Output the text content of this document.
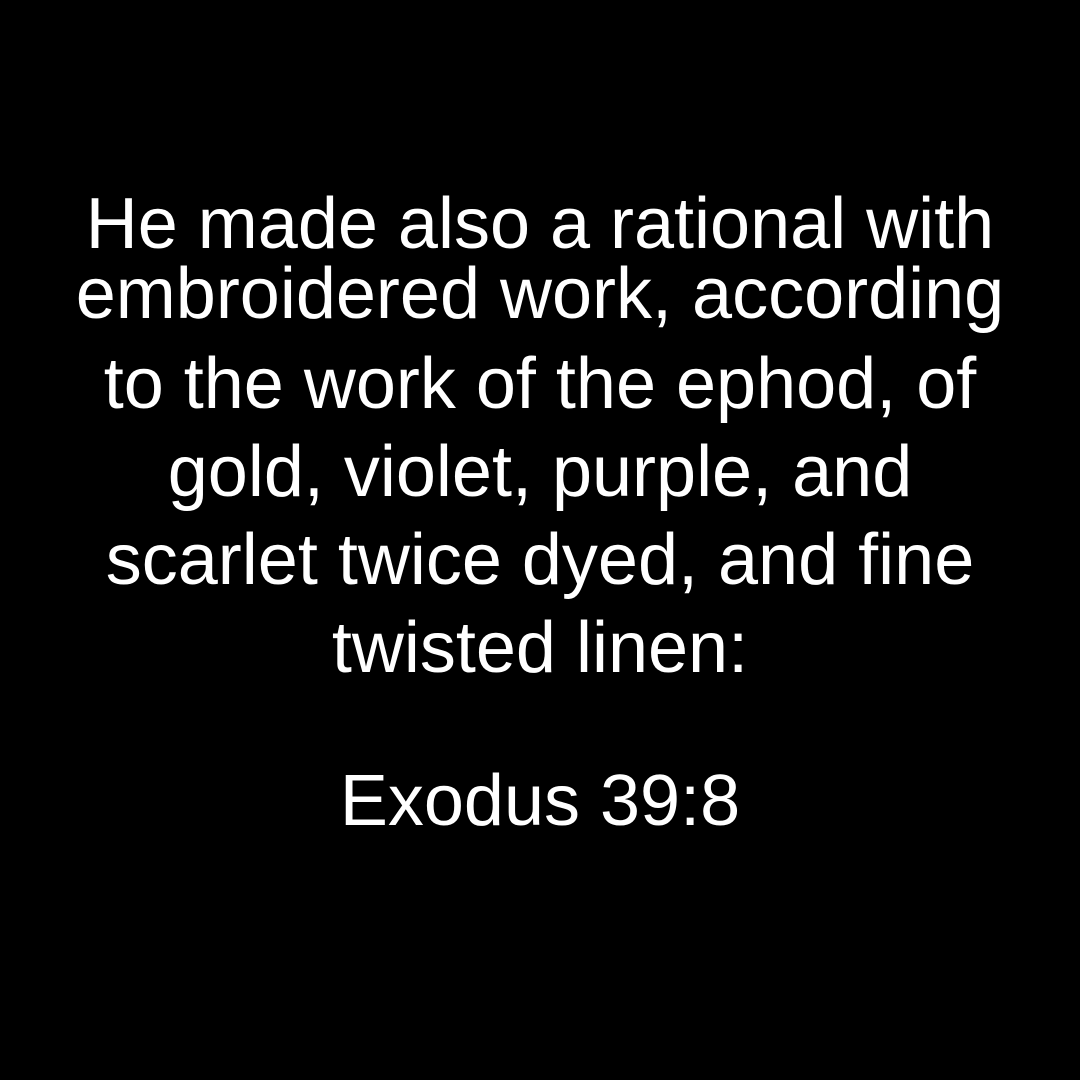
He made also a rational with
embroidered work, according
to the work of the ephod, of
gold, violet, purple, and
scarlet twice dyed, and fine
twisted linen:
Exodus 39:8
